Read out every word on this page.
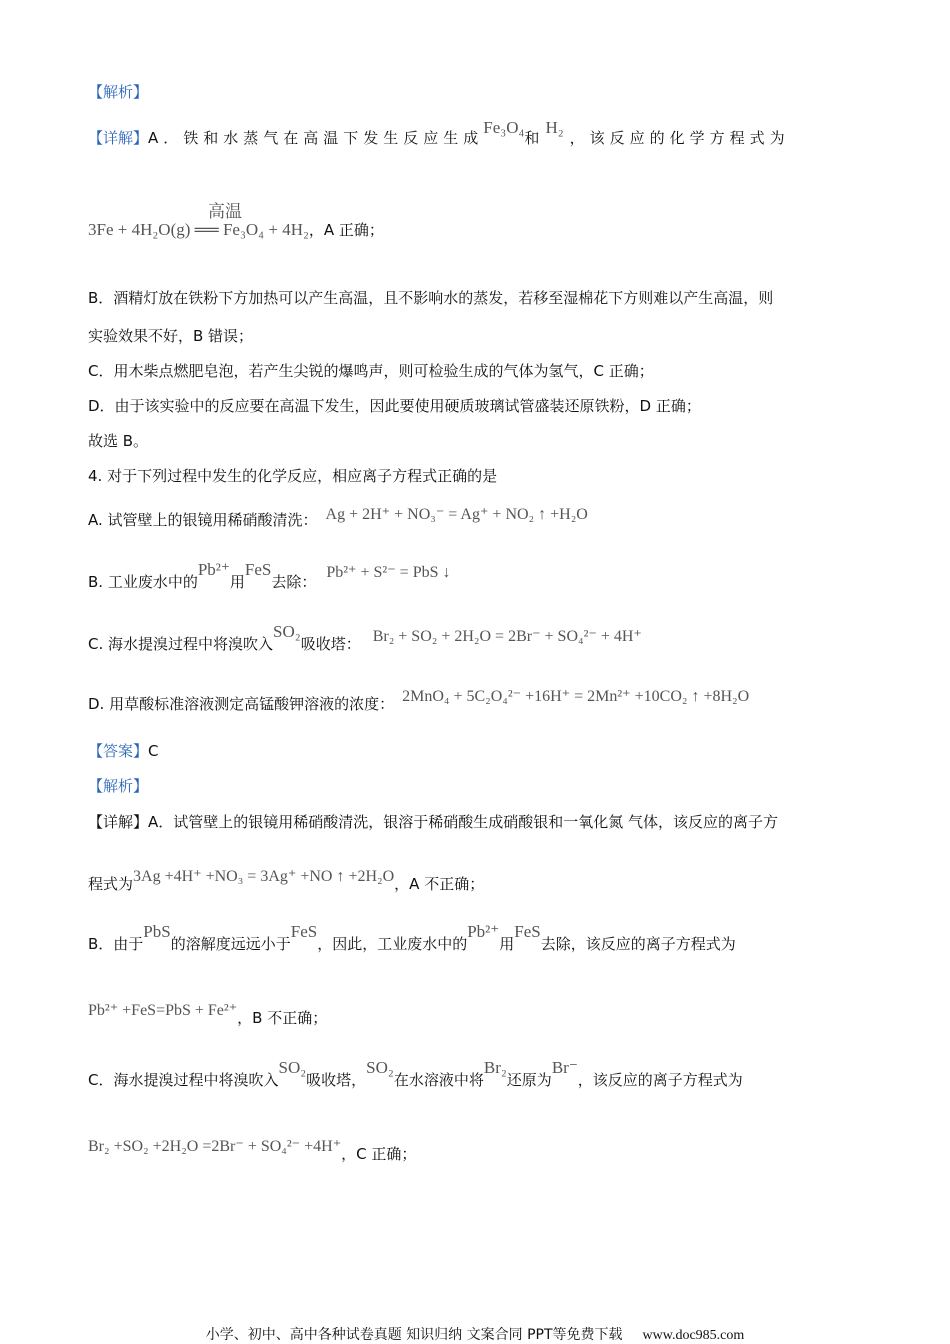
【解析】
【详解】A．铁和水蒸气在高温下发生反应生成Fe₃O₄和H₂，该反应的化学方程式为
高温
3Fe + 4H₂O(g) ══ Fe₃O₄ + 4H₂，A 正确；
B．酒精灯放在铁粉下方加热可以产生高温，且不影响水的蒸发，若移至湿棉花下方则难以产生高温，则
实验效果不好，B 错误；
C．用木柴点燃肥皂泡，若产生尖锐的爆鸣声，则可检验生成的气体为氢气，C 正确；
D．由于该实验中的反应要在高温下发生，因此要使用硬质玻璃试管盛装还原铁粉，D 正确；
故选 B。
4. 对于下列过程中发生的化学反应，相应离子方程式正确的是
A. 试管壁上的银镜用稀硝酸清洗： Ag + 2H⁺ + NO₃⁻ = Ag⁺ + NO₂ ↑ +H₂O
B. 工业废水中的Pb²⁺用FeS去除：Pb²⁺ + S²⁻ = PbS ↓
C. 海水提溴过程中将溴吹入SO₂吸收塔： Br₂ + SO₂ + 2H₂O = 2Br⁻ + SO₄²⁻ + 4H⁺
D. 用草酸标准溶液测定高锰酸钾溶液的浓度： 2MnO₄ + 5C₂O₄²⁻ +16H⁺ = 2Mn²⁺ +10CO₂ ↑ +8H₂O
【答案】C
【解析】
【详解】A．试管壁上的银镜用稀硝酸清洗，银溶于稀硝酸生成硝酸银和一氧化氮 气体，该反应的离子方
程式为3Ag +4H⁺ +NO₃ = 3Ag⁺ +NO ↑ +2H₂O，A 不正确；
B．由于PbS的溶解度远远小于FeS，因此，工业废水中的Pb²⁺用FeS去除，该反应的离子方程式为
Pb²⁺ +FeS=PbS + Fe²⁺，B 不正确；
C．海水提溴过程中将溴吹入SO₂吸收塔，SO₂在水溶液中将Br₂还原为Br⁻，该反应的离子方程式为
Br₂ +SO₂ +2H₂O =2Br⁻ + SO₄²⁻ +4H⁺，C 正确；
小学、初中、高中各种试卷真题 知识归纳 文案合同 PPT等免费下载 www.doc985.com
